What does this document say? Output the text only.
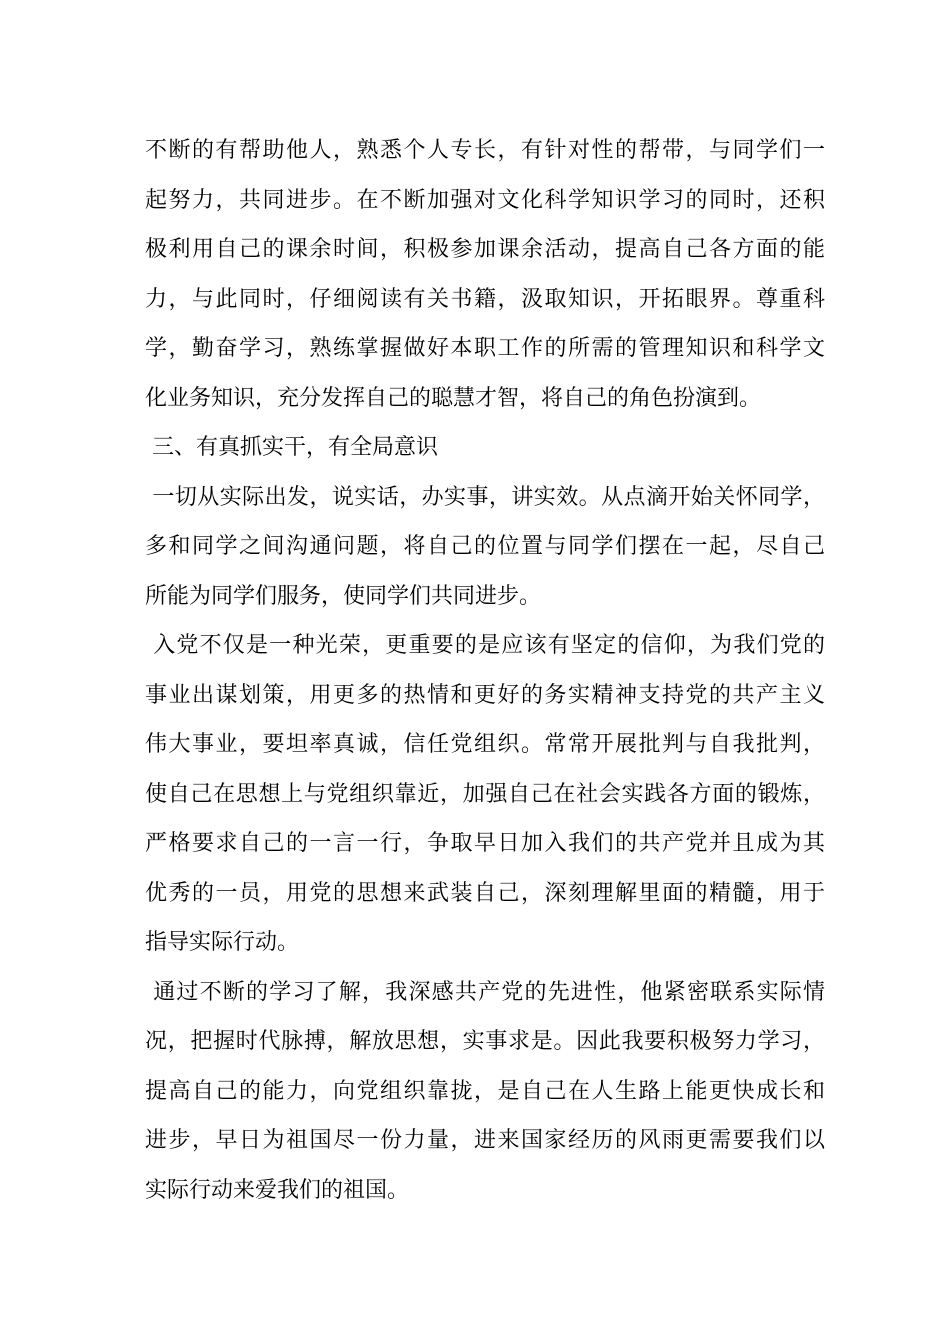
不断的有帮助他人，熟悉个人专长，有针对性的帮带，与同学们一
起努力，共同进步。在不断加强对文化科学知识学习的同时，还积
极利用自己的课余时间，积极参加课余活动，提高自己各方面的能
力，与此同时，仔细阅读有关书籍，汲取知识，开拓眼界。尊重科
学，勤奋学习，熟练掌握做好本职工作的所需的管理知识和科学文
化业务知识，充分发挥自己的聪慧才智，将自己的角色扮演到。
三、有真抓实干，有全局意识
一切从实际出发，说实话，办实事，讲实效。从点滴开始关怀同学，
多和同学之间沟通问题，将自己的位置与同学们摆在一起，尽自己
所能为同学们服务，使同学们共同进步。
入党不仅是一种光荣，更重要的是应该有坚定的信仰，为我们党的
事业出谋划策，用更多的热情和更好的务实精神支持党的共产主义
伟大事业，要坦率真诚，信任党组织。常常开展批判与自我批判，
使自己在思想上与党组织靠近，加强自己在社会实践各方面的锻炼，
严格要求自己的一言一行，争取早日加入我们的共产党并且成为其
优秀的一员，用党的思想来武装自己，深刻理解里面的精髓，用于
指导实际行动。
通过不断的学习了解，我深感共产党的先进性，他紧密联系实际情
况，把握时代脉搏，解放思想，实事求是。因此我要积极努力学习，
提高自己的能力，向党组织靠拢，是自己在人生路上能更快成长和
进步，早日为祖国尽一份力量，进来国家经历的风雨更需要我们以
实际行动来爱我们的祖国。
